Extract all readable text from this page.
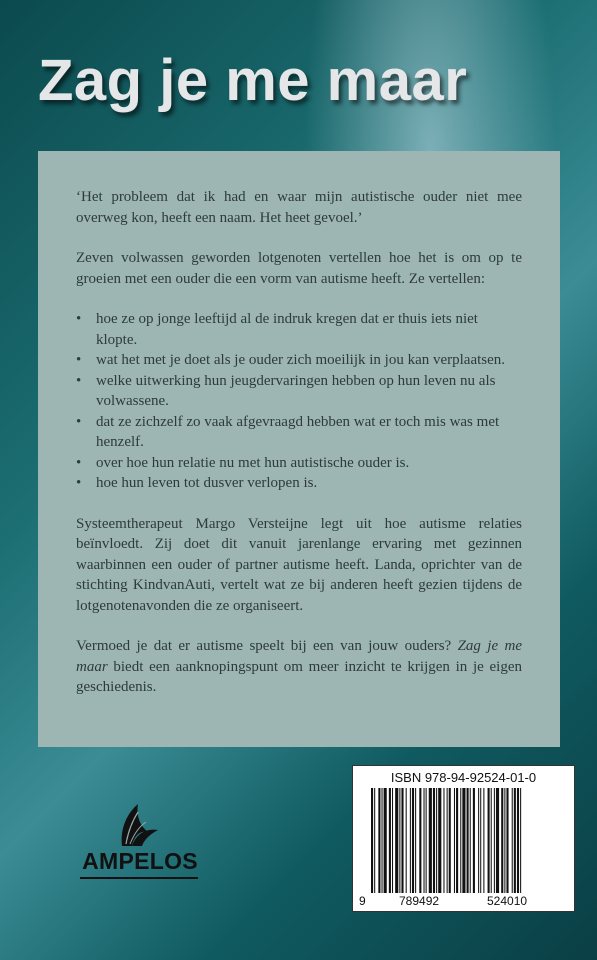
Zag je me maar

‘Het probleem dat ik had en waar mijn autistische ouder niet mee overweg kon, heeft een naam. Het heet gevoel.’

Zeven volwassen geworden lotgenoten vertellen hoe het is om op te groeien met een ouder die een vorm van autisme heeft. Ze vertellen:

• hoe ze op jonge leeftijd al de indruk kregen dat er thuis iets niet klopte.
• wat het met je doet als je ouder zich moeilijk in jou kan verplaatsen.
• welke uitwerking hun jeugdervaringen hebben op hun leven nu als volwassene.
• dat ze zichzelf zo vaak afgevraagd hebben wat er toch mis was met henzelf.
• over hoe hun relatie nu met hun autistische ouder is.
• hoe hun leven tot dusver verlopen is.

Systeemtherapeut Margo Versteijne legt uit hoe autisme relaties beïnvloedt. Zij doet dit vanuit jarenlange ervaring met gezinnen waarbinnen een ouder of partner autisme heeft. Landa, oprichter van de stichting KindvanAuti, vertelt wat ze bij anderen heeft gezien tijdens de lotgenotenavonden die ze organiseert.

Vermoed je dat er autisme speelt bij een van jouw ouders? Zag je me maar biedt een aanknopingspunt om meer inzicht te krijgen in je eigen geschiedenis.

AMPELOS
ISBN 978-94-92524-01-0
9	789492	524010
